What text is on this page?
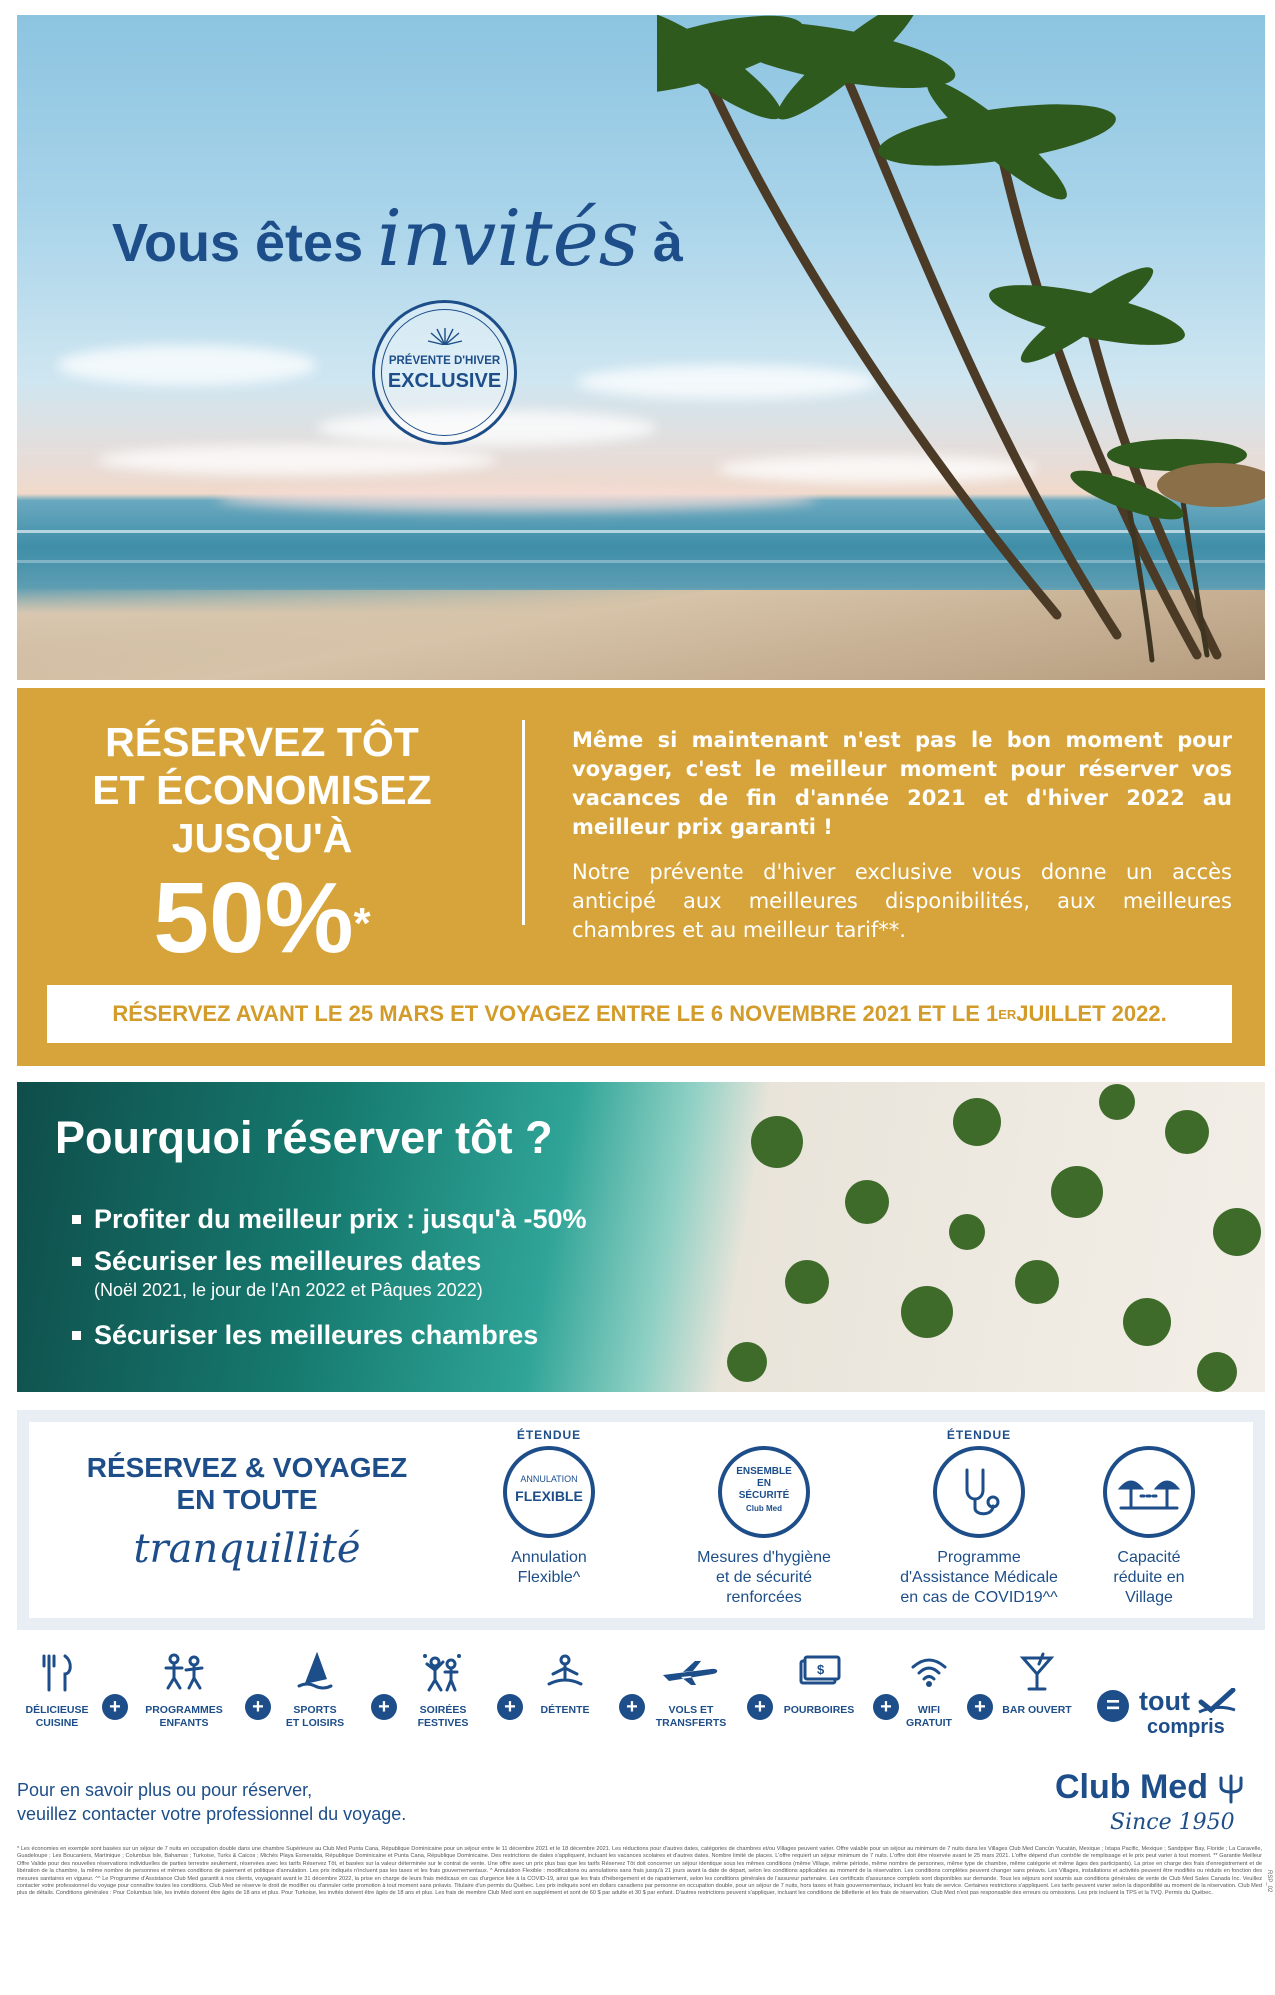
Vous êtes invités à
PRÉVENTE D'HIVER
EXCLUSIVE
RÉSERVEZ TÔT
ET ÉCONOMISEZ
JUSQU'À
50%*

Même si maintenant n'est pas le bon moment pour voyager, c'est le meilleur moment pour réserver vos vacances de fin d'année 2021 et d'hiver 2022 au meilleur prix garanti !

Notre prévente d'hiver exclusive vous donne un accès anticipé aux meilleures disponibilités, aux meilleures chambres et au meilleur tarif**.

RÉSERVEZ AVANT LE 25 MARS ET VOYAGEZ ENTRE LE 6 NOVEMBRE 2021 ET LE 1 ER JUILLET 2022.
Pourquoi réserver tôt ?
Profiter du meilleur prix : jusqu'à -50%
Sécuriser les meilleures dates
(Noël 2021, le jour de l'An 2022 et Pâques 2022)
Sécuriser les meilleures chambres
RÉSERVEZ & VOYAGEZ
EN TOUTE
tranquillité
ÉTENDUE
ANNULATION
FLEXIBLE
Annulation
Flexible^
ENSEMBLE
EN
SÉCURITÉ
Club Med
Mesures d'hygiène
et de sécurité
renforcées
ÉTENDUE
Programme
d'Assistance Médicale
en cas de COVID19^^
Capacité
réduite en
Village
DÉLICIEUSE
CUISINE
+	PROGRAMMES
ENFANTS
+	SPORTS
ET LOISIRS
+	SOIRÉES
FESTIVES
+	DÉTENTE	+	VOLS ET
TRANSFERTS
+
$
POURBOIRES	+	WIFI
GRATUIT
+	BAR OUVERT	= tout
compris
Pour en savoir plus ou pour réserver,
veuillez contacter votre professionnel du voyage.
Club Med
Since 1950
* Les économies en exemple sont basées sur un séjour de 7 nuits en occupation double dans une chambre Supérieure au Club Med Punta Cana, République Dominicaine pour un séjour entre le 11 décembre 2021 et le 18 décembre 2021. Les réductions pour d'autres dates, catégories de chambres et/ou Villages peuvent varier. Offre valable pour un séjour au minimum de 7 nuits dans les Villages Club Med Cancún Yucatán, Mexique ; Ixtapa Pacific, Mexique ; Sandpiper Bay, Floride ; La Caravelle, Guadeloupe ; Les Boucaniers, Martinique ; Columbus Isle, Bahamas ; Turkoise, Turks & Caicos ; Michès Playa Esmeralda, République Dominicaine et Punta Cana, République Dominicaine. Des restrictions de dates s'appliquent, incluant les vacances scolaires et d'autres dates. Nombre limité de places. L'offre requiert un séjour minimum de 7 nuits. L'offre doit être réservée avant le 25 mars 2021. L'offre dépend d'un contrôle de remplissage et le prix peut varier à tout moment. ** Garantie Meilleur Offre Valide pour des nouvelles réservations individuelles de parties terrestre seulement, réservées avec les tarifs Réservez Tôt, et basées sur la valeur déterminée sur le contrat de vente. Une offre avec un prix plus bas que les tarifs Réservez Tôt doit concerner un séjour identique sous les mêmes conditions (même Village, même période, même nombre de personnes, même type de chambre, même catégorie et même âges des participants). La prise en charge des frais d'enregistrement et de libération de la chambre, la même nombre de personnes et mêmes conditions de paiement et politique d'annulation. Les prix indiqués n'incluent pas les taxes et les frais gouvernementaux. ^ Annulation Flexible : modifications ou annulations sans frais jusqu'à 21 jours avant la date de départ, selon les conditions applicables au moment de la réservation. Les conditions complètes peuvent changer sans préavis. Les Villages, installations et activités peuvent être modifiés ou réduits en fonction des mesures sanitaires en vigueur. ^^ Le Programme d'Assistance Club Med garantit à nos clients, voyageant avant le 31 décembre 2022, la prise en charge de leurs frais médicaux en cas d'urgence liée à la COVID-19, ainsi que les frais d'hébergement et de rapatriement, selon les conditions générales de l'assureur partenaire. Les certificats d'assurance complets sont disponibles sur demande. Tous les séjours sont soumis aux conditions générales de vente de Club Med Sales Canada Inc. Veuillez contacter votre professionnel du voyage pour connaître toutes les conditions. Club Med se réserve le droit de modifier ou d'annuler cette promotion à tout moment sans préavis. Titulaire d'un permis du Québec. Les prix indiqués sont en dollars canadiens par personne en occupation double, pour un séjour de 7 nuits, hors taxes et frais gouvernementaux, incluant les frais de service. Certaines restrictions s'appliquent. Les tarifs peuvent varier selon la disponibilité au moment de la réservation. Club Med plus de détails. Conditions générales : Pour Columbus Isle, les invités doivent être âgés de 18 ans et plus. Pour Turkoise, les invités doivent être âgés de 18 ans et plus. Les frais de membre Club Med sont en supplément et sont de 60 $ par adulte et 30 $ par enfant. D'autres restrictions peuvent s'appliquer, incluant les conditions de billetterie et les frais de réservation. Club Med n'est pas responsable des erreurs ou omissions. Les prix incluent la TPS et la TVQ. Permis du Québec.
RSP_02
